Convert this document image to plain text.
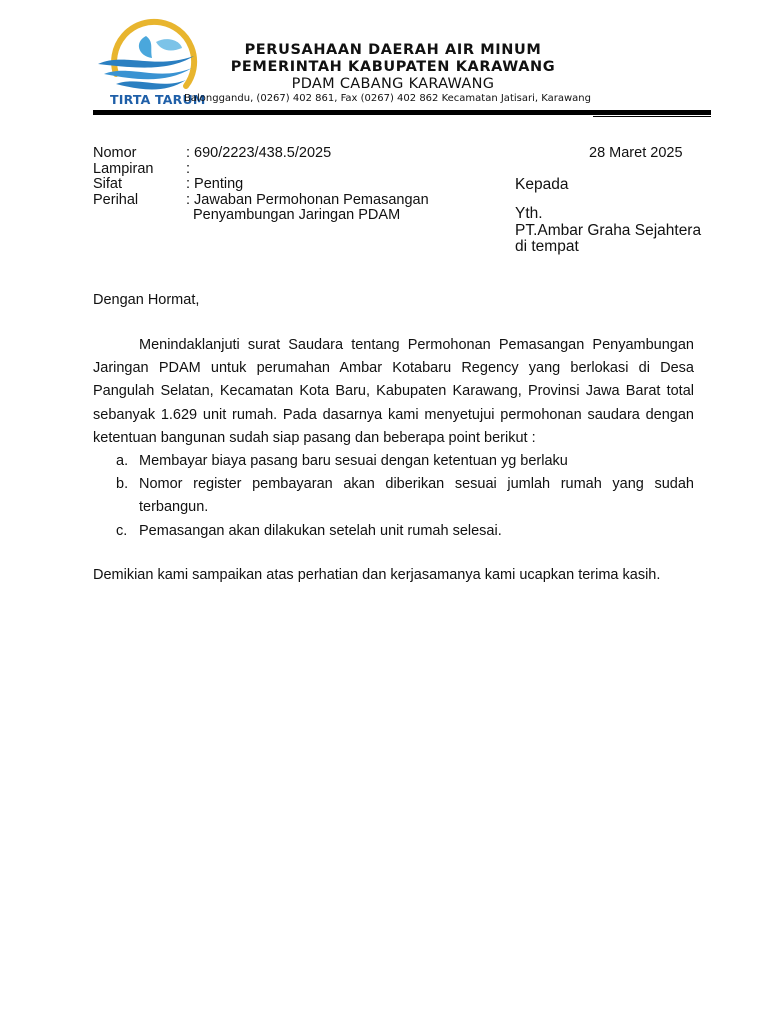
TIRTA TARUM
PERUSAHAAN DAERAH AIR MINUM
PEMERINTAH KABUPATEN KARAWANG
PDAM CABANG KARAWANG
Balonggandu, (0267) 402 861, Fax (0267) 402 862 Kecamatan Jatisari, Karawang
Nomor	: 690/2223/438.5/2025
Lampiran :
Sifat	: Penting
Perihal	: Jawaban Permohonan Pemasangan
Penyambungan Jaringan PDAM
28 Maret 2025
Kepada
Yth.
PT.Ambar Graha Sejahtera
di tempat
Dengan Hormat,
Menindaklanjuti surat Saudara tentang Permohonan Pemasangan Penyambungan Jaringan PDAM untuk perumahan Ambar Kotabaru Regency yang berlokasi di Desa Pangulah Selatan, Kecamatan Kota Baru, Kabupaten Karawang, Provinsi Jawa Barat total sebanyak 1.629 unit rumah. Pada dasarnya kami menyetujui permohonan saudara dengan ketentuan bangunan sudah siap pasang dan beberapa point berikut :
a. Membayar biaya pasang baru sesuai dengan ketentuan yg berlaku
b. Nomor register pembayaran akan diberikan sesuai jumlah rumah yang sudah terbangun.
c. Pemasangan akan dilakukan setelah unit rumah selesai.
Demikian kami sampaikan atas perhatian dan kerjasamanya kami ucapkan terima kasih.
